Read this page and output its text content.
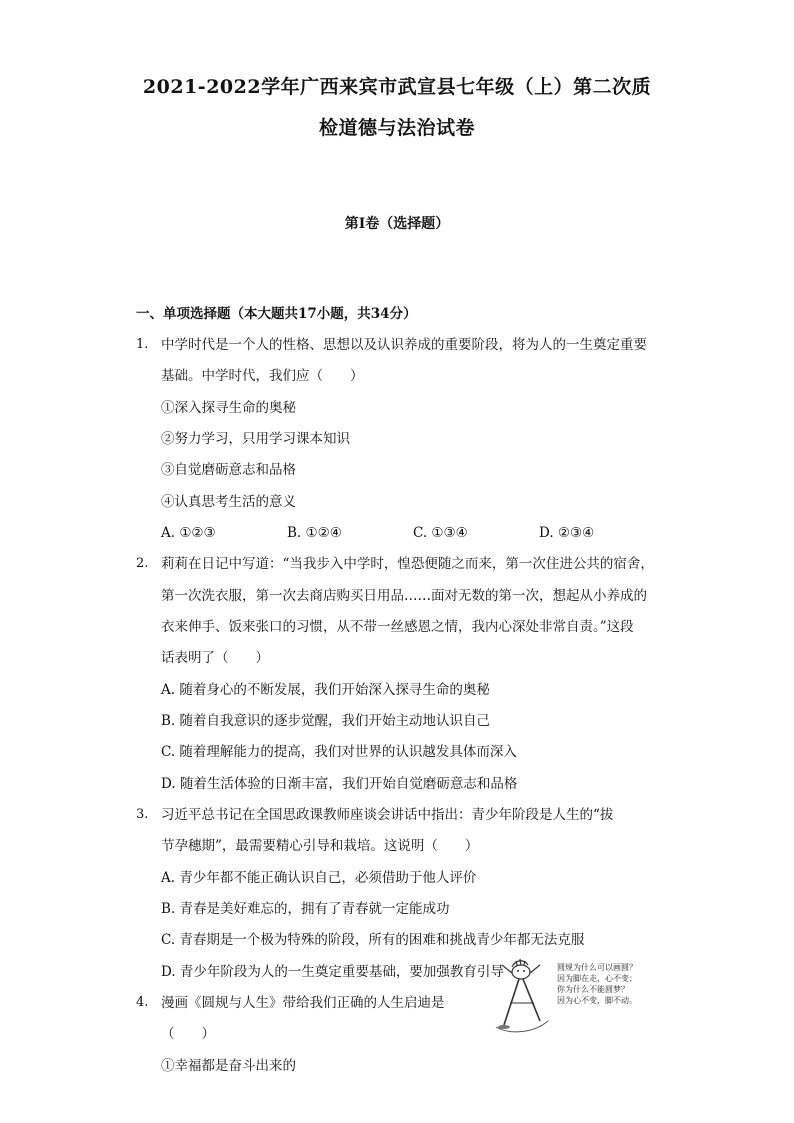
2021-2022学年广西来宾市武宣县七年级（上）第二次质
检道德与法治试卷
第Ⅰ卷（选择题）
一、单项选择题（本大题共17小题，共34分）
1. 中学时代是一个人的性格、思想以及认识养成的重要阶段，将为人的一生奠定重要
基础。中学时代，我们应（　　）
①深入探寻生命的奥秘
②努力学习，只用学习课本知识
③自觉磨砺意志和品格
④认真思考生活的意义
A. ①②③	B. ①②④	C. ①③④	D. ②③④
2. 莉莉在日记中写道：“当我步入中学时，惶恐便随之而来，第一次住进公共的宿舍，
第一次洗衣服，第一次去商店购买日用品……面对无数的第一次，想起从小养成的
衣来伸手、饭来张口的习惯，从不带一丝感恩之情，我内心深处非常自责。”这段
话表明了（　　）
A. 随着身心的不断发展，我们开始深入探寻生命的奥秘
B. 随着自我意识的逐步觉醒，我们开始主动地认识自己
C. 随着理解能力的提高，我们对世界的认识越发具体而深入
D. 随着生活体验的日渐丰富，我们开始自觉磨砺意志和品格
3. 习近平总书记在全国思政课教师座谈会讲话中指出：青少年阶段是人生的“拔
节孕穗期”，最需要精心引导和栽培。这说明（　　）
A. 青少年都不能正确认识自己，必须借助于他人评价
B. 青春是美好难忘的，拥有了青春就一定能成功
C. 青春期是一个极为特殊的阶段，所有的困难和挑战青少年都无法克服
D. 青少年阶段为人的一生奠定重要基础，要加强教育引导
4. 漫画《圆规与人生》带给我们正确的人生启迪是
（　　）
①幸福都是奋斗出来的
圆规为什么可以画圆？
因为脚在走，心不变；
你为什么不能圆梦？
因为心不变，脚不动。
